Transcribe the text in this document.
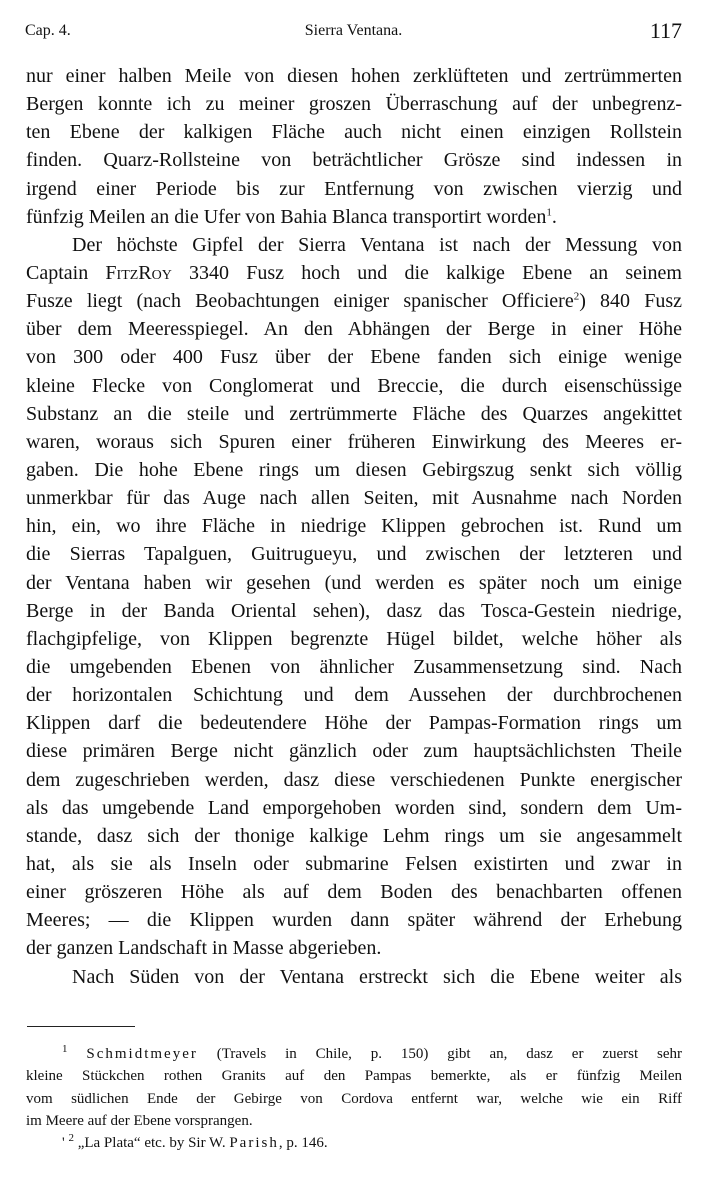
Cap. 4.	Sierra Ventana.	117
nur einer halben Meile von diesen hohen zerklüfteten und zertrümmerten
Bergen konnte ich zu meiner groszen Überraschung auf der unbegrenz-
ten Ebene der kalkigen Fläche auch nicht einen einzigen Rollstein
finden. Quarz-Rollsteine von beträchtlicher Grösze sind indessen in
irgend einer Periode bis zur Entfernung von zwischen vierzig und
fünfzig Meilen an die Ufer von Bahia Blanca transportirt worden$^1$.
Der höchste Gipfel der Sierra Ventana ist nach der Messung von
Captain FitzRoy 3340 Fusz hoch und die kalkige Ebene an seinem
Fusze liegt (nach Beobachtungen einiger spanischer Officiere$^2$) 840 Fusz
über dem Meeresspiegel. An den Abhängen der Berge in einer Höhe
von 300 oder 400 Fusz über der Ebene fanden sich einige wenige
kleine Flecke von Conglomerat und Breccie, die durch eisenschüssige
Substanz an die steile und zertrümmerte Fläche des Quarzes angekittet
waren, woraus sich Spuren einer früheren Einwirkung des Meeres er-
gaben. Die hohe Ebene rings um diesen Gebirgszug senkt sich völlig
unmerkbar für das Auge nach allen Seiten, mit Ausnahme nach Norden
hin, ein, wo ihre Fläche in niedrige Klippen gebrochen ist. Rund um
die Sierras Tapalguen, Guitrugueyu, und zwischen der letzteren und
der Ventana haben wir gesehen (und werden es später noch um einige
Berge in der Banda Oriental sehen), dasz das Tosca-Gestein niedrige,
flachgipfelige, von Klippen begrenzte Hügel bildet, welche höher als
die umgebenden Ebenen von ähnlicher Zusammensetzung sind. Nach
der horizontalen Schichtung und dem Aussehen der durchbrochenen
Klippen darf die bedeutendere Höhe der Pampas-Formation rings um
diese primären Berge nicht gänzlich oder zum hauptsächlichsten Theile
dem zugeschrieben werden, dasz diese verschiedenen Punkte energischer
als das umgebende Land emporgehoben worden sind, sondern dem Um-
stande, dasz sich der thonige kalkige Lehm rings um sie angesammelt
hat, als sie als Inseln oder submarine Felsen existirten und zwar in
einer gröszeren Höhe als auf dem Boden des benachbarten offenen
Meeres; — die Klippen wurden dann später während der Erhebung
der ganzen Landschaft in Masse abgerieben.
Nach Süden von der Ventana erstreckt sich die Ebene weiter als
$^1$ Schmidtmeyer (Travels in Chile, p. 150) gibt an, dasz er zuerst sehr
kleine Stückchen rothen Granits auf den Pampas bemerkte, als er fünfzig Meilen
vom südlichen Ende der Gebirge von Cordova entfernt war, welche wie ein Riff
im Meere auf der Ebene vorsprangen.
' $^2$ „La Plata“ etc. by Sir W. Parish, p. 146.
